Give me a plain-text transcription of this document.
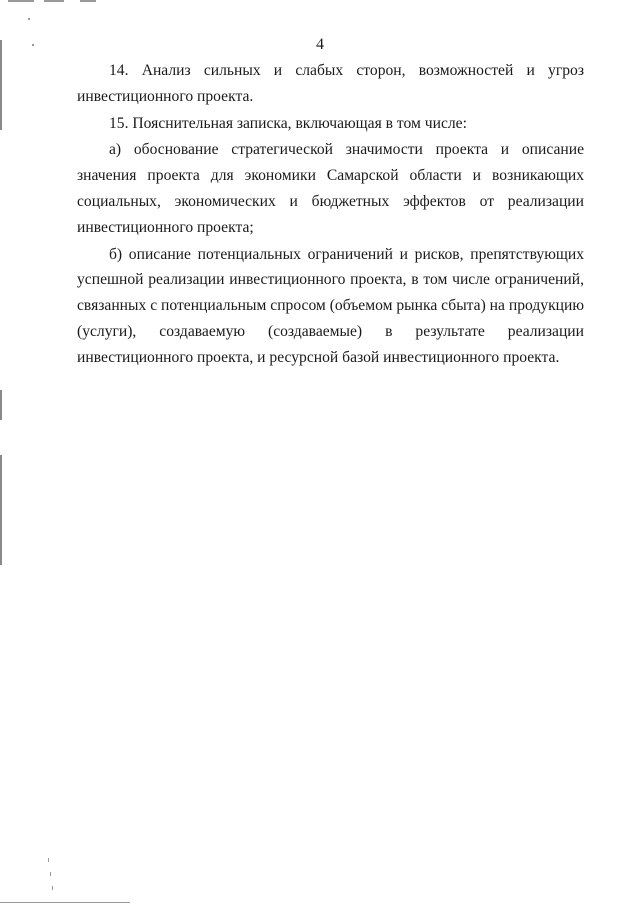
4

14. Анализ сильных и слабых сторон, возможностей и угроз инвестиционного проекта.

15. Пояснительная записка, включающая в том числе:

а) обоснование стратегической значимости проекта и описание значения проекта для экономики Самарской области и возникающих социальных, экономических и бюджетных эффектов от реализации инвестиционного проекта;

б) описание потенциальных ограничений и рисков, препятствующих успешной реализации инвестиционного проекта, в том числе ограничений, связанных с потенциальным спросом (объемом рынка сбыта) на продукцию (услуги), создаваемую (создаваемые) в результате реализации инвестиционного проекта, и ресурсной базой инвестиционного проекта.
